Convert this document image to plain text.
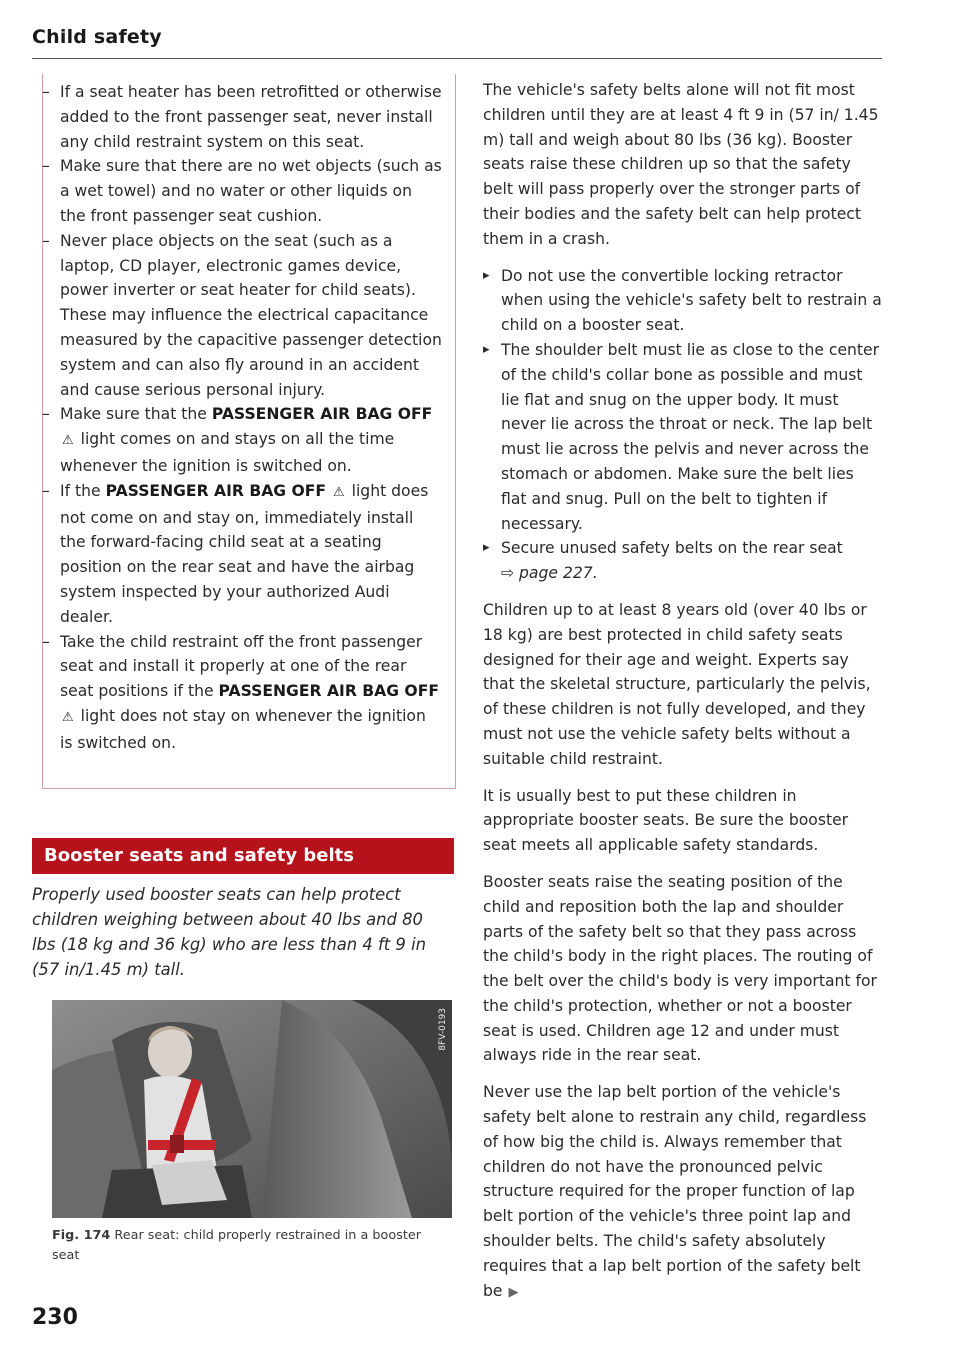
Child safety
– If a seat heater has been retrofitted or otherwise added to the front passenger seat, never install any child restraint system on this seat.
– Make sure that there are no wet objects (such as a wet towel) and no water or other liquids on the front passenger seat cushion.
– Never place objects on the seat (such as a laptop, CD player, electronic games device, power inverter or seat heater for child seats). These may influence the electrical capacitance measured by the capacitive passenger detection system and can also fly around in an accident and cause serious personal injury.
– Make sure that the PASSENGER AIR BAG OFF ⚠ light comes on and stays on all the time whenever the ignition is switched on.
– If the PASSENGER AIR BAG OFF ⚠ light does not come on and stay on, immediately install the forward-facing child seat at a seating position on the rear seat and have the airbag system inspected by your authorized Audi dealer.
– Take the child restraint off the front passenger seat and install it properly at one of the rear seat positions if the PASSENGER AIR BAG OFF ⚠ light does not stay on whenever the ignition is switched on.
Booster seats and safety belts
Properly used booster seats can help protect children weighing between about 40 lbs and 80 lbs (18 kg and 36 kg) who are less than 4 ft 9 in (57 in/1.45 m) tall.
8FV-0193
Fig. 174 Rear seat: child properly restrained in a booster seat
230

The vehicle's safety belts alone will not fit most children until they are at least 4 ft 9 in (57 in/ 1.45 m) tall and weigh about 80 lbs (36 kg). Booster seats raise these children up so that the safety belt will pass properly over the stronger parts of their bodies and the safety belt can help protect them in a crash.

▸ Do not use the convertible locking retractor when using the vehicle's safety belt to restrain a child on a booster seat.
▸ The shoulder belt must lie as close to the center of the child's collar bone as possible and must lie flat and snug on the upper body. It must never lie across the throat or neck. The lap belt must lie across the pelvis and never across the stomach or abdomen. Make sure the belt lies flat and snug. Pull on the belt to tighten if necessary.
▸ Secure unused safety belts on the rear seat
⇨ page 227.

Children up to at least 8 years old (over 40 lbs or 18 kg) are best protected in child safety seats designed for their age and weight. Experts say that the skeletal structure, particularly the pelvis, of these children is not fully developed, and they must not use the vehicle safety belts without a suitable child restraint.

It is usually best to put these children in appropriate booster seats. Be sure the booster seat meets all applicable safety standards.

Booster seats raise the seating position of the child and reposition both the lap and shoulder parts of the safety belt so that they pass across the child's body in the right places. The routing of the belt over the child's body is very important for the child's protection, whether or not a booster seat is used. Children age 12 and under must always ride in the rear seat.

Never use the lap belt portion of the vehicle's safety belt alone to restrain any child, regardless of how big the child is. Always remember that children do not have the pronounced pelvic structure required for the proper function of lap belt portion of the vehicle's three point lap and shoulder belts. The child's safety absolutely requires that a lap belt portion of the safety belt be ▶
